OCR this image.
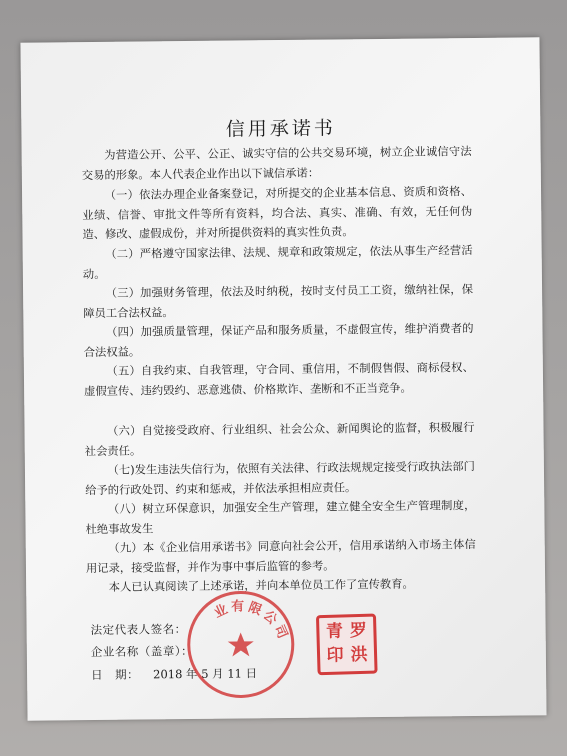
信用承诺书

为营造公开、公平、公正、诚实守信的公共交易环境，树立企业诚信守法交易的形象。本人代表企业作出以下诚信承诺：

（一）依法办理企业备案登记，对所提交的企业基本信息、资质和资格、业绩、信誉、审批文件等所有资料，均合法、真实、准确、有效，无任何伪造、修改、虚假成份，并对所提供资料的真实性负责。

（二）严格遵守国家法律、法规、规章和政策规定，依法从事生产经营活动。

（三）加强财务管理，依法及时纳税，按时支付员工工资，缴纳社保，保障员工合法权益。

（四）加强质量管理，保证产品和服务质量，不虚假宣传，维护消费者的合法权益。

（五）自我约束、自我管理，守合同、重信用，不制假售假、商标侵权、虚假宣传、违约毁约、恶意逃债、价格欺诈、垄断和不正当竞争。

（六）自觉接受政府、行业组织、社会公众、新闻舆论的监督，积极履行社会责任。

（七)发生违法失信行为，依照有关法律、行政法规规定接受行政执法部门给予的行政处罚、约束和惩戒，并依法承担相应责任。

（八）树立环保意识，加强安全生产管理，建立健全安全生产管理制度，杜绝事故发生

（九）本《企业信用承诺书》同意向社会公开，信用承诺纳入市场主体信用记录，接受监督，并作为事中事后监管的参考。

本人已认真阅读了上述承诺，并向本单位员工作了宣传教育。

法定代表人签名：
企业名称（盖章）：
日　期： 2018 年 5 月 11 日
业有限公司 青 罗
印 洪
